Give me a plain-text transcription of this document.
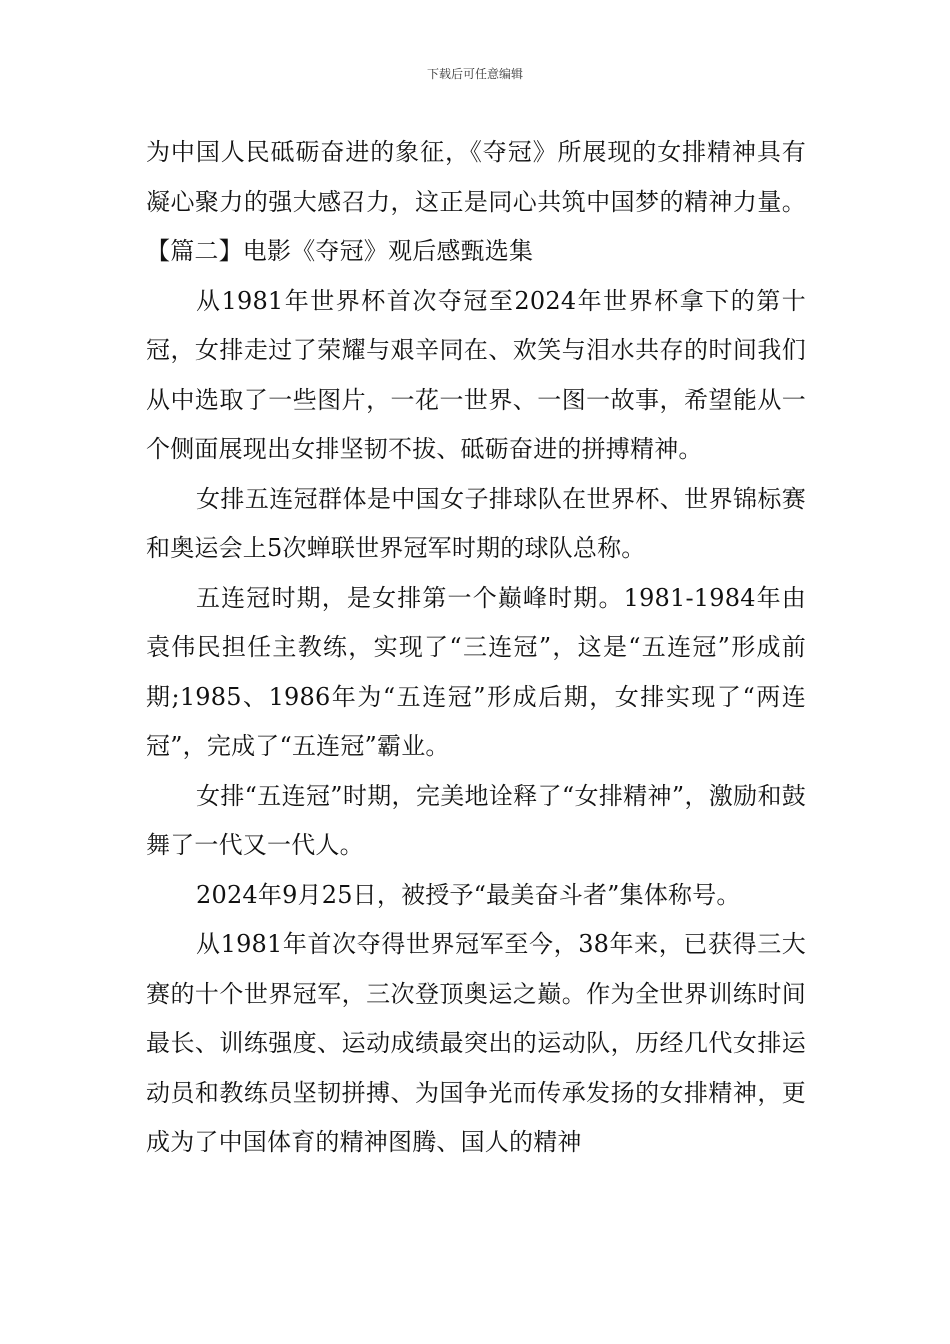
下载后可任意编辑

为中国人民砥砺奋进的象征，《夺冠》所展现的女排精神具有凝心聚力的强大感召力，这正是同心共筑中国梦的精神力量。【篇二】电影《夺冠》观后感甄选集

从1981年世界杯首次夺冠至2024年世界杯拿下的第十冠，女排走过了荣耀与艰辛同在、欢笑与泪水共存的时间我们从中选取了一些图片，一花一世界、一图一故事，希望能从一个侧面展现出女排坚韧不拔、砥砺奋进的拼搏精神。

女排五连冠群体是中国女子排球队在世界杯、世界锦标赛和奥运会上5次蝉联世界冠军时期的球队总称。

五连冠时期，是女排第一个巅峰时期。1981-1984年由袁伟民担任主教练，实现了“三连冠”，这是“五连冠”形成前期;1985、1986年为“五连冠”形成后期，女排实现了“两连冠”，完成了“五连冠”霸业。

女排“五连冠”时期，完美地诠释了“女排精神”，激励和鼓舞了一代又一代人。

2024年9月25日，被授予“最美奋斗者”集体称号。

从1981年首次夺得世界冠军至今，38年来，已获得三大赛的十个世界冠军，三次登顶奥运之巅。作为全世界训练时间最长、训练强度、运动成绩最突出的运动队，历经几代女排运动员和教练员坚韧拼搏、为国争光而传承发扬的女排精神，更成为了中国体育的精神图腾、国人的精神
